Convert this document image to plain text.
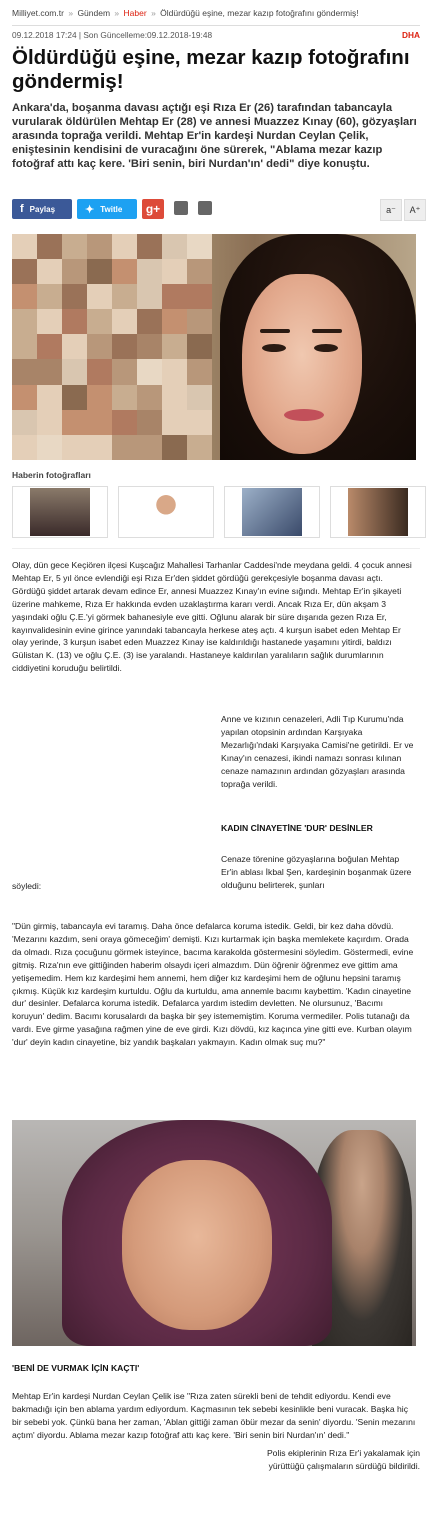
Milliyet.com.tr » Gündem » Haber » Öldürdüğü eşine, mezar kazıp fotoğrafını göndermiş!
09.12.2018 17:24 | Son Güncelleme:09.12.2018-19:48	DHA
Öldürdüğü eşine, mezar kazıp fotoğrafını göndermiş!

Ankara'da, boşanma davası açtığı eşi Rıza Er (26) tarafından tabancayla vurularak öldürülen Mehtap Er (28) ve annesi Muazzez Kınay (60), gözyaşları arasında toprağa verildi. Mehtap Er'in kardeşi Nurdan Ceylan Çelik, eniştesinin kendisini de vuracağını öne sürerek, "Ablama mezar kazıp fotoğraf attı kaç kere. 'Biri senin, biri Nurdan'ın' dedi" diye konuştu.

f Paylaş	✦ Twitle g+	a⁻	A⁺
Haberin fotoğrafları

Olay, dün gece Keçiören ilçesi Kuşcağız Mahallesi Tarhanlar Caddesi'nde meydana geldi. 4 çocuk annesi Mehtap Er, 5 yıl önce evlendiği eşi Rıza Er'den şiddet gördüğü gerekçesiyle boşanma davası açtı. Gördüğü şiddet artarak devam edince Er, annesi Muazzez Kınay'ın evine sığındı. Mehtap Er'in şikayeti üzerine mahkeme, Rıza Er hakkında evden uzaklaştırma kararı verdi. Ancak Rıza Er, dün akşam 3 yaşındaki oğlu Ç.E.'yi görmek bahanesiyle eve gitti. Oğlunu alarak bir süre dışarıda gezen Rıza Er, kayınvalidesinin evine girince yanındaki tabancayla herkese ateş açtı. 4 kurşun isabet eden Mehtap Er olay yerinde, 3 kurşun isabet eden Muazzez Kınay ise kaldırıldığı hastanede yaşamını yitirdi, baldızı Gülistan K. (13) ve oğlu Ç.E. (3) ise yaralandı. Hastaneye kaldırılan yaralıların sağlık durumlarının ciddiyetini koruduğu belirtildi.

Anne ve kızının cenazeleri, Adli Tıp Kurumu'nda yapılan otopsinin ardından Karşıyaka Mezarlığı'ndaki Karşıyaka Camisi'ne getirildi. Er ve Kınay'ın cenazesi, ikindi namazı sonrası kılınan cenaze namazının ardından gözyaşları arasında toprağa verildi.

KADIN CİNAYETİNE 'DUR' DESİNLER

Cenaze törenine gözyaşlarına boğulan Mehtap Er'in ablası İkbal Şen, kardeşinin boşanmak üzere olduğunu belirterek, şunları

söyledi:

"Dün girmiş, tabancayla evi taramış. Daha önce defalarca koruma istedik. Geldi, bir kez daha dövdü. 'Mezarını kazdım, seni oraya gömeceğim' demişti. Kızı kurtarmak için başka memlekete kaçırdım. Orada da olmadı. Rıza çocuğunu görmek isteyince, bacıma karakolda göstermesini söyledim. Göstermedi, evine gitmiş. Rıza'nın eve gittiğinden haberim olsaydı içeri almazdım. Dün öğrenir öğrenmez eve gittim ama yetişemedim. Hem kız kardeşimi hem annemi, hem diğer kız kardeşimi hem de oğlunu hepsini taramış çıkmış. Küçük kız kardeşim kurtuldu. Oğlu da kurtuldu, ama annemle bacımı kaybettim. 'Kadın cinayetine dur' desinler. Defalarca koruma istedik. Defalarca yardım istedim devletten. Ne olursunuz, 'Bacımı koruyun' dedim. Bacımı korusalardı da başka bir şey istememiştim. Koruma vermediler. Polis tutanağı da vardı. Eve girme yasağına rağmen yine de eve girdi. Kızı dövdü, kız kaçınca yine gitti eve. Kurban olayım 'dur' deyin kadın cinayetine, biz yandık başkaları yakmayın. Kadın olmak suç mu?"

'BENİ DE VURMAK İÇİN KAÇTI'

Mehtap Er'in kardeşi Nurdan Ceylan Çelik ise "Rıza zaten sürekli beni de tehdit ediyordu. Kendi eve bakmadığı için ben ablama yardım ediyordum. Kaçmasının tek sebebi kesinlikle beni vuracak. Başka hiç bir sebebi yok. Çünkü bana her zaman, 'Ablan gittiği zaman öbür mezar da senin' diyordu. 'Senin mezarını açtım' diyordu. Ablama mezar kazıp fotoğraf attı kaç kere. 'Biri senin biri Nurdan'ın' dedi."

Polis ekiplerinin Rıza Er'i yakalamak için yürüttüğü çalışmaların sürdüğü bildirildi.
